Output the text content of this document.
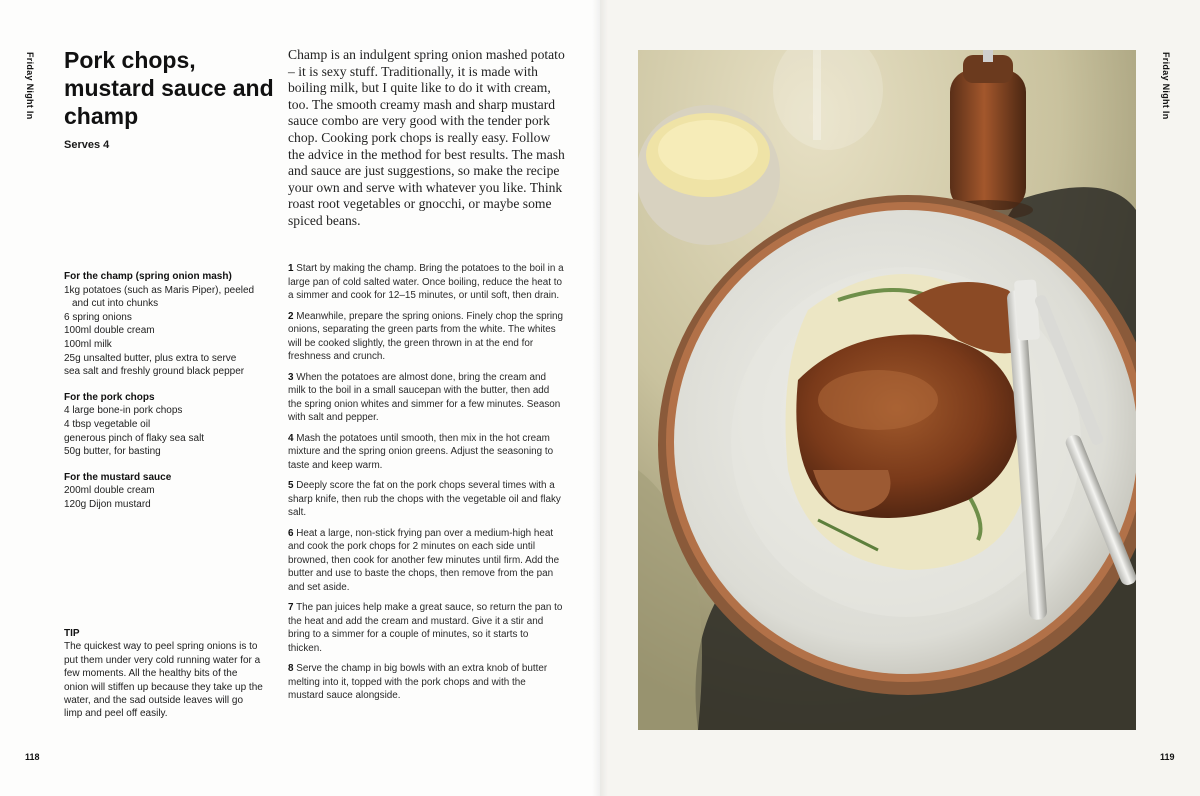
Friday Night In	Friday Night In
Pork chops, mustard sauce and champ
Serves 4

Champ is an indulgent spring onion mashed potato – it is sexy stuff. Traditionally, it is made with boiling milk, but I quite like to do it with cream, too. The smooth creamy mash and sharp mustard sauce combo are very good with the tender pork chop. Cooking pork chops is really easy. Follow the advice in the method for best results. The mash and sauce are just suggestions, so make the recipe your own and serve with whatever you like. Think roast root vegetables or gnocchi, or maybe some spiced beans.

For the champ (spring onion mash)
1kg potatoes (such as Maris Piper), peeled and cut into chunks
6 spring onions
100ml double cream
100ml milk
25g unsalted butter, plus extra to serve
sea salt and freshly ground black pepper
For the pork chops
4 large bone-in pork chops
4 tbsp vegetable oil
generous pinch of flaky sea salt
50g butter, for basting
For the mustard sauce
200ml double cream
120g Dijon mustard
TIP
The quickest way to peel spring onions is to put them under very cold running water for a few moments. All the healthy bits of the onion will stiffen up because they take up the water, and the sad outside leaves will go limp and peel off easily.

1 Start by making the champ. Bring the potatoes to the boil in a large pan of cold salted water. Once boiling, reduce the heat to a simmer and cook for 12–15 minutes, or until soft, then drain.

2 Meanwhile, prepare the spring onions. Finely chop the spring onions, separating the green parts from the white. The whites will be cooked slightly, the green thrown in at the end for freshness and crunch.

3 When the potatoes are almost done, bring the cream and milk to the boil in a small saucepan with the butter, then add the spring onion whites and simmer for a few minutes. Season with salt and pepper.

4 Mash the potatoes until smooth, then mix in the hot cream mixture and the spring onion greens. Adjust the seasoning to taste and keep warm.

5 Deeply score the fat on the pork chops several times with a sharp knife, then rub the chops with the vegetable oil and flaky salt.

6 Heat a large, non-stick frying pan over a medium-high heat and cook the pork chops for 2 minutes on each side until browned, then cook for another few minutes until firm. Add the butter and use to baste the chops, then remove from the pan and set aside.

7 The pan juices help make a great sauce, so return the pan to the heat and add the cream and mustard. Give it a stir and bring to a simmer for a couple of minutes, so it starts to thicken.

8 Serve the champ in big bowls with an extra knob of butter melting into it, topped with the pork chops and with the mustard sauce alongside.

118	119
